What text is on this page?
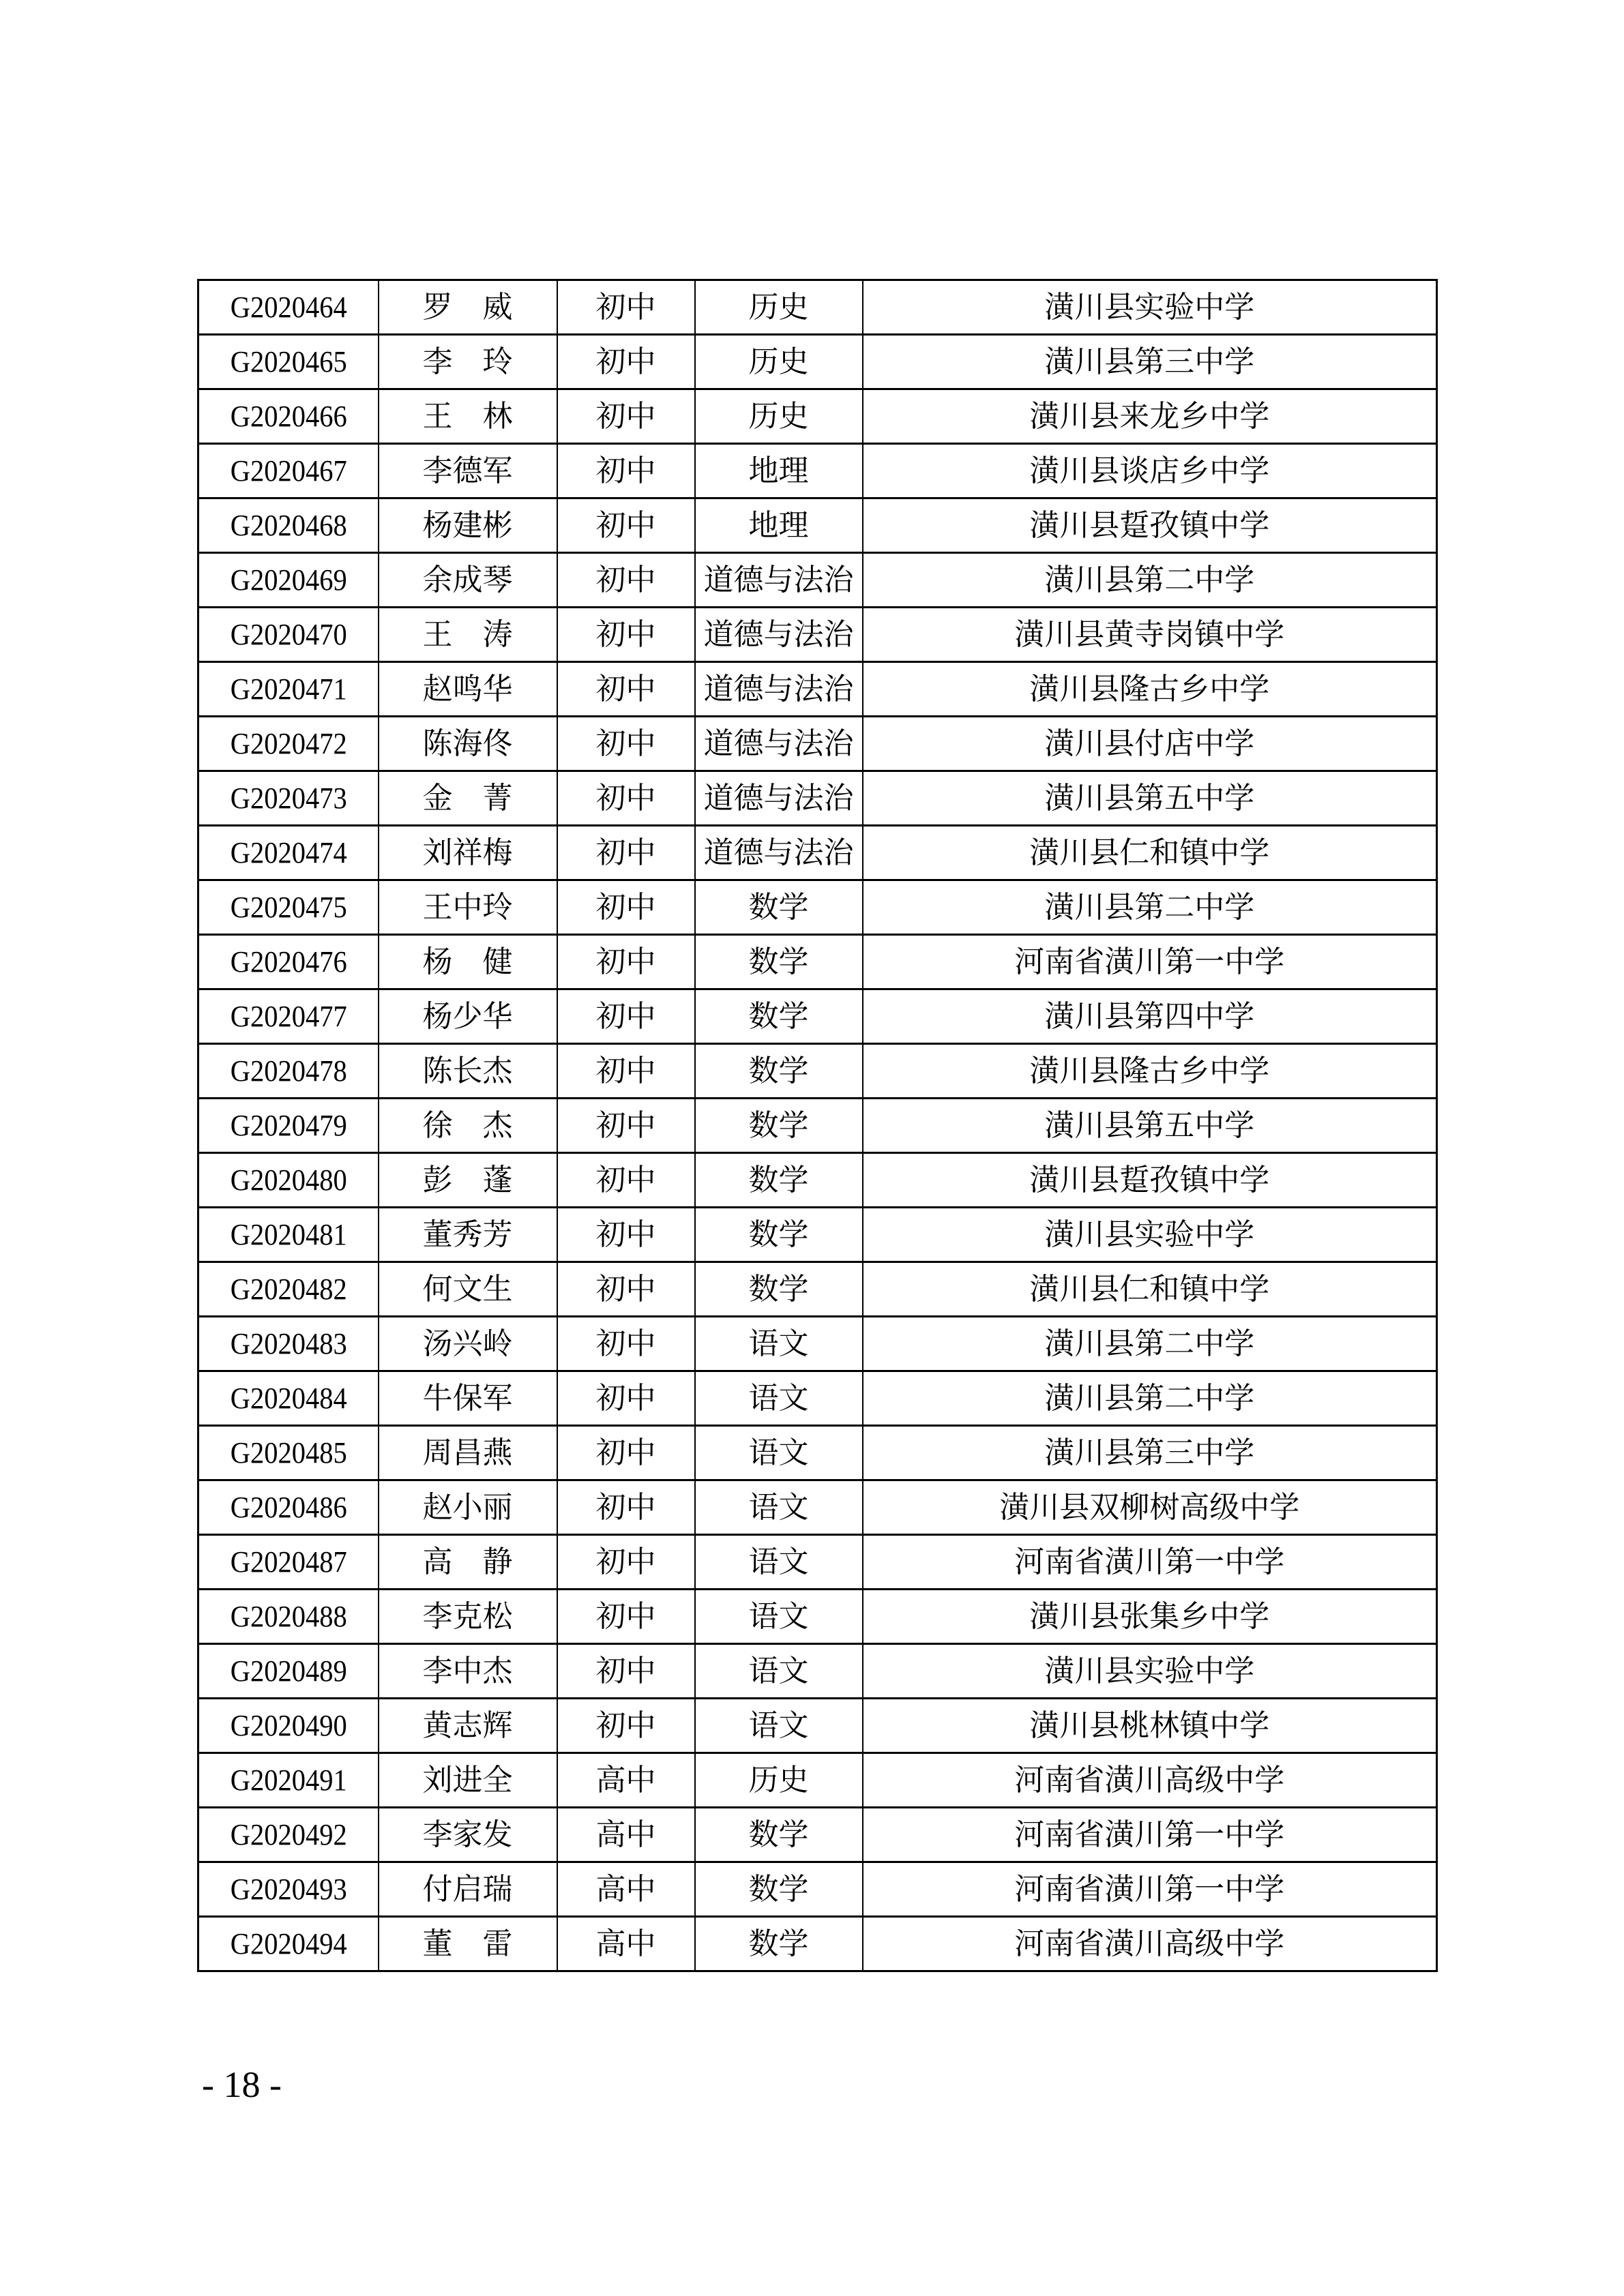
G2020464	罗　威	初中	历史	潢川县实验中学
G2020465	李　玲	初中	历史	潢川县第三中学
G2020466	王　林	初中	历史	潢川县来龙乡中学
G2020467	李德军	初中	地理	潢川县谈店乡中学
G2020468	杨建彬	初中	地理	潢川县踅孜镇中学
G2020469	余成琴	初中	道德与法治	潢川县第二中学
G2020470	王　涛	初中	道德与法治	潢川县黄寺岗镇中学
G2020471	赵鸣华	初中	道德与法治	潢川县隆古乡中学
G2020472	陈海佟	初中	道德与法治	潢川县付店中学
G2020473	金　菁	初中	道德与法治	潢川县第五中学
G2020474	刘祥梅	初中	道德与法治	潢川县仁和镇中学
G2020475	王中玲	初中	数学	潢川县第二中学
G2020476	杨　健	初中	数学	河南省潢川第一中学
G2020477	杨少华	初中	数学	潢川县第四中学
G2020478	陈长杰	初中	数学	潢川县隆古乡中学
G2020479	徐　杰	初中	数学	潢川县第五中学
G2020480	彭　蓬	初中	数学	潢川县踅孜镇中学
G2020481	董秀芳	初中	数学	潢川县实验中学
G2020482	何文生	初中	数学	潢川县仁和镇中学
G2020483	汤兴岭	初中	语文	潢川县第二中学
G2020484	牛保军	初中	语文	潢川县第二中学
G2020485	周昌燕	初中	语文	潢川县第三中学
G2020486	赵小丽	初中	语文	潢川县双柳树高级中学
G2020487	高　静	初中	语文	河南省潢川第一中学
G2020488	李克松	初中	语文	潢川县张集乡中学
G2020489	李中杰	初中	语文	潢川县实验中学
G2020490	黄志辉	初中	语文	潢川县桃林镇中学
G2020491	刘进全	高中	历史	河南省潢川高级中学
G2020492	李家发	高中	数学	河南省潢川第一中学
G2020493	付启瑞	高中	数学	河南省潢川第一中学
G2020494	董　雷	高中	数学	河南省潢川高级中学
- 18 -
